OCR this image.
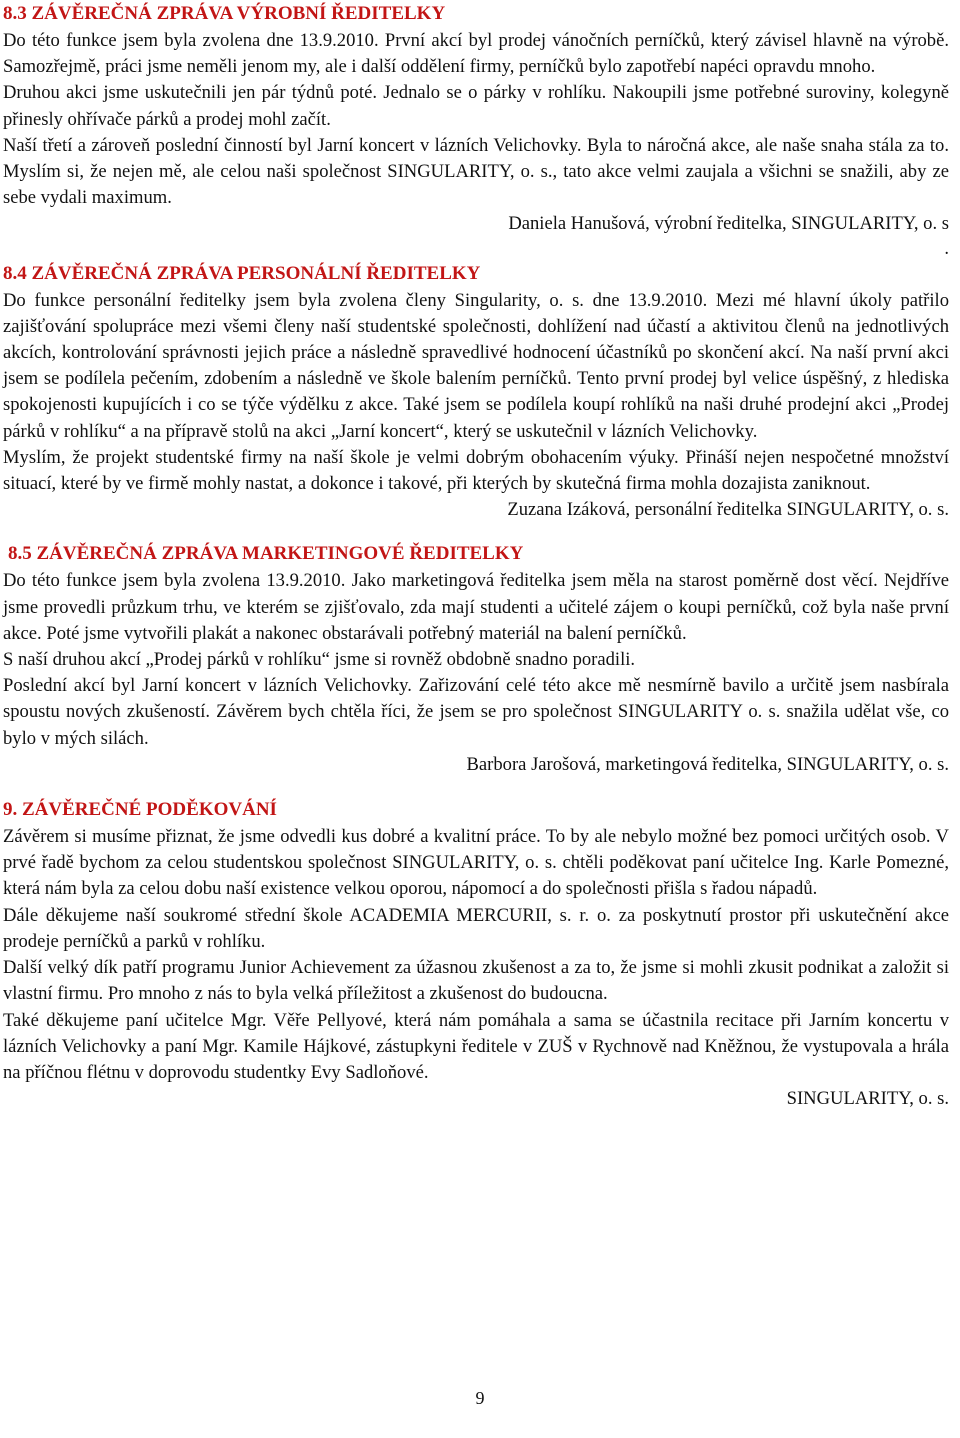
8.3 ZÁVĚREČNÁ ZPRÁVA VÝROBNÍ ŘEDITELKY

Do této funkce jsem byla zvolena dne 13.9.2010. První akcí byl prodej vánočních perníčků, který závisel hlavně na výrobě. Samozřejmě, práci jsme neměli jenom my, ale i další oddělení firmy, perníčků bylo zapotřebí napéci opravdu mnoho.

Druhou akci jsme uskutečnili jen pár týdnů poté. Jednalo se o párky v rohlíku. Nakoupili jsme potřebné suroviny, kolegyně přinesly ohřívače párků a prodej mohl začít.

Naší třetí a zároveň poslední činností byl Jarní koncert v lázních Velichovky. Byla to náročná akce, ale naše snaha stála za to. Myslím si, že nejen mě, ale celou naši společnost SINGULARITY, o. s., tato akce velmi zaujala a všichni se snažili, aby ze sebe vydali maximum.

Daniela Hanušová, výrobní ředitelka, SINGULARITY, o. s

.

8.4 ZÁVĚREČNÁ ZPRÁVA PERSONÁLNÍ ŘEDITELKY

Do funkce personální ředitelky jsem byla zvolena členy Singularity, o. s. dne 13.9.2010. Mezi mé hlavní úkoly patřilo zajišťování spolupráce mezi všemi členy naší studentské společnosti, dohlížení nad účastí a aktivitou členů na jednotlivých akcích, kontrolování správnosti jejich práce a následně spravedlivé hodnocení účastníků po skončení akcí. Na naší první akci jsem se podílela pečením, zdobením a následně ve škole balením perníčků. Tento první prodej byl velice úspěšný, z hlediska spokojenosti kupujících i co se týče výdělku z akce. Také jsem se podílela koupí rohlíků na naši druhé prodejní akci „Prodej párků v rohlíku“ a na přípravě stolů na akci „Jarní koncert“, který se uskutečnil v lázních Velichovky.

Myslím, že projekt studentské firmy na naší škole je velmi dobrým obohacením výuky. Přináší nejen nespočetné množství situací, které by ve firmě mohly nastat, a dokonce i takové, při kterých by skutečná firma mohla dozajista zaniknout.

Zuzana Izáková, personální ředitelka SINGULARITY, o. s.

8.5 ZÁVĚREČNÁ ZPRÁVA MARKETINGOVÉ ŘEDITELKY

Do této funkce jsem byla zvolena 13.9.2010. Jako marketingová ředitelka jsem měla na starost poměrně dost věcí. Nejdříve jsme provedli průzkum trhu, ve kterém se zjišťovalo, zda mají studenti a učitelé zájem o koupi perníčků, což byla naše první akce. Poté jsme vytvořili plakát a nakonec obstarávali potřebný materiál na balení perníčků.

S naší druhou akcí „Prodej párků v rohlíku“ jsme si rovněž obdobně snadno poradili.

Poslední akcí byl Jarní koncert v lázních Velichovky. Zařizování celé této akce mě nesmírně bavilo a určitě jsem nasbírala spoustu nových zkušeností. Závěrem bych chtěla říci, že jsem se pro společnost SINGULARITY o. s. snažila udělat vše, co bylo v mých silách.

Barbora Jarošová, marketingová ředitelka, SINGULARITY, o. s.

9. ZÁVĚREČNÉ PODĚKOVÁNÍ

Závěrem si musíme přiznat, že jsme odvedli kus dobré a kvalitní práce. To by ale nebylo možné bez pomoci určitých osob. V prvé řadě bychom za celou studentskou společnost SINGULARITY, o. s. chtěli poděkovat paní učitelce Ing. Karle Pomezné, která nám byla za celou dobu naší existence velkou oporou, nápomocí a do společnosti přišla s řadou nápadů.

Dále děkujeme naší soukromé střední škole ACADEMIA MERCURII, s. r. o. za poskytnutí prostor při uskutečnění akce prodeje perníčků a parků v rohlíku.

Další velký dík patří programu Junior Achievement za úžasnou zkušenost a za to, že jsme si mohli zkusit podnikat a založit si vlastní firmu. Pro mnoho z nás to byla velká příležitost a zkušenost do budoucna.

Také děkujeme paní učitelce Mgr. Věře Pellyové, která nám pomáhala a sama se účastnila recitace při Jarním koncertu v lázních Velichovky a paní Mgr. Kamile Hájkové, zástupkyni ředitele v ZUŠ v Rychnově nad Kněžnou, že vystupovala a hrála na příčnou flétnu v doprovodu studentky Evy Sadloňové.

SINGULARITY, o. s.

9
